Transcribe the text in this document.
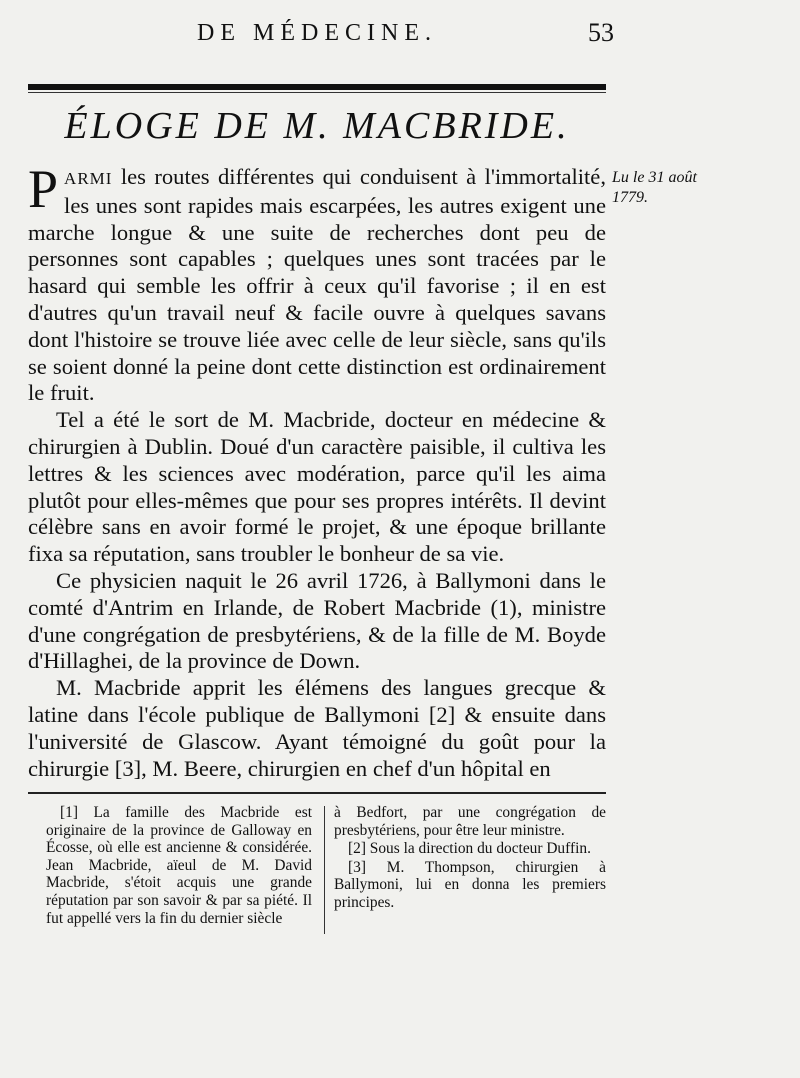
DE MÉDECINE.	53
ÉLOGE DE M. MACBRIDE.
Lu le 31 août 1779.

PARMI les routes différentes qui conduisent à l'immortalité, les unes sont rapides mais escarpées, les autres exigent une marche longue & une suite de recherches dont peu de personnes sont capables ; quelques unes sont tracées par le hasard qui semble les offrir à ceux qu'il favorise ; il en est d'autres qu'un travail neuf & facile ouvre à quelques savans dont l'histoire se trouve liée avec celle de leur siècle, sans qu'ils se soient donné la peine dont cette distinction est ordinairement le fruit.

Tel a été le sort de M. Macbride, docteur en médecine & chirurgien à Dublin. Doué d'un caractère paisible, il cultiva les lettres & les sciences avec modération, parce qu'il les aima plutôt pour elles-mêmes que pour ses propres intérêts. Il devint célèbre sans en avoir formé le projet, & une époque brillante fixa sa réputation, sans troubler le bonheur de sa vie.

Ce physicien naquit le 26 avril 1726, à Ballymoni dans le comté d'Antrim en Irlande, de Robert Macbride (1), ministre d'une congrégation de presbytériens, & de la fille de M. Boyde d'Hillaghei, de la province de Down.

M. Macbride apprit les élémens des langues grecque & latine dans l'école publique de Ballymoni [2] & ensuite dans l'université de Glascow. Ayant témoigné du goût pour la chirurgie [3], M. Beere, chirurgien en chef d'un hôpital en

[1] La famille des Macbride est originaire de la province de Galloway en Écosse, où elle est ancienne & considérée. Jean Macbride, aïeul de M. David Macbride, s'étoit acquis une grande réputation par son savoir & par sa piété. Il fut appellé vers la fin du dernier siècle

à Bedfort, par une congrégation de presbytériens, pour être leur ministre.

[2] Sous la direction du docteur Duffin.

[3] M. Thompson, chirurgien à Ballymoni, lui en donna les premiers principes.
